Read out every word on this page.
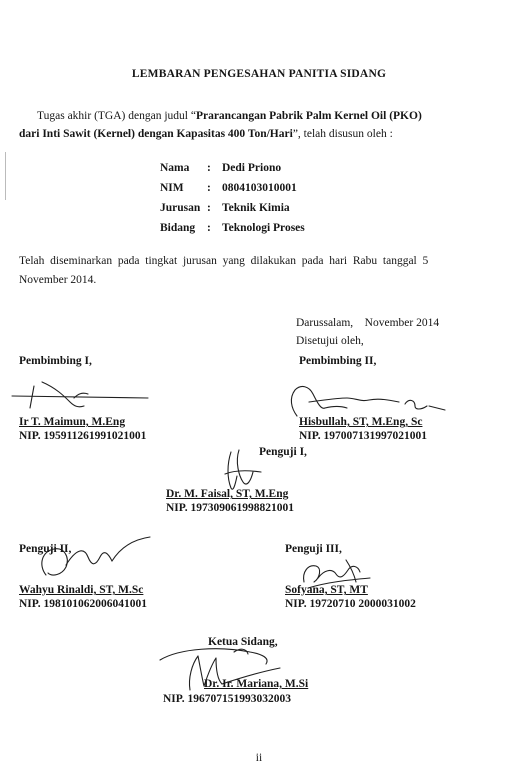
LEMBARAN PENGESAHAN PANITIA SIDANG
Tugas akhir (TGA) dengan judul “Prarancangan Pabrik Palm Kernel Oil (PKO)
dari Inti Sawit (Kernel) dengan Kapasitas 400 Ton/Hari”, telah disusun oleh :
Nama : Dedi Priono
NIM : 0804103010001
Jurusan : Teknik Kimia
Bidang : Teknologi Proses
Telah  diseminarkan  pada  tingkat  jurusan  yang  dilakukan  pada  hari  Rabu  tanggal  5
November 2014.
Darussalam,    November 2014
Disetujui oleh,
Pembimbing I,
Ir T. Maimun, M.Eng
NIP. 195911261991021001
Pembimbing II,
Hisbullah, ST, M.Eng, Sc
NIP. 197007131997021001
Penguji I,
Dr. M. Faisal, ST, M.Eng
NIP. 197309061998821001
Penguji II,
Wahyu Rinaldi, ST, M.Sc
NIP. 198101062006041001
Penguji III,
Sofyana, ST, MT
NIP. 19720710 2000031002
Ketua Sidang,
Dr. Ir. Mariana, M.Si
NIP. 196707151993032003
ii
